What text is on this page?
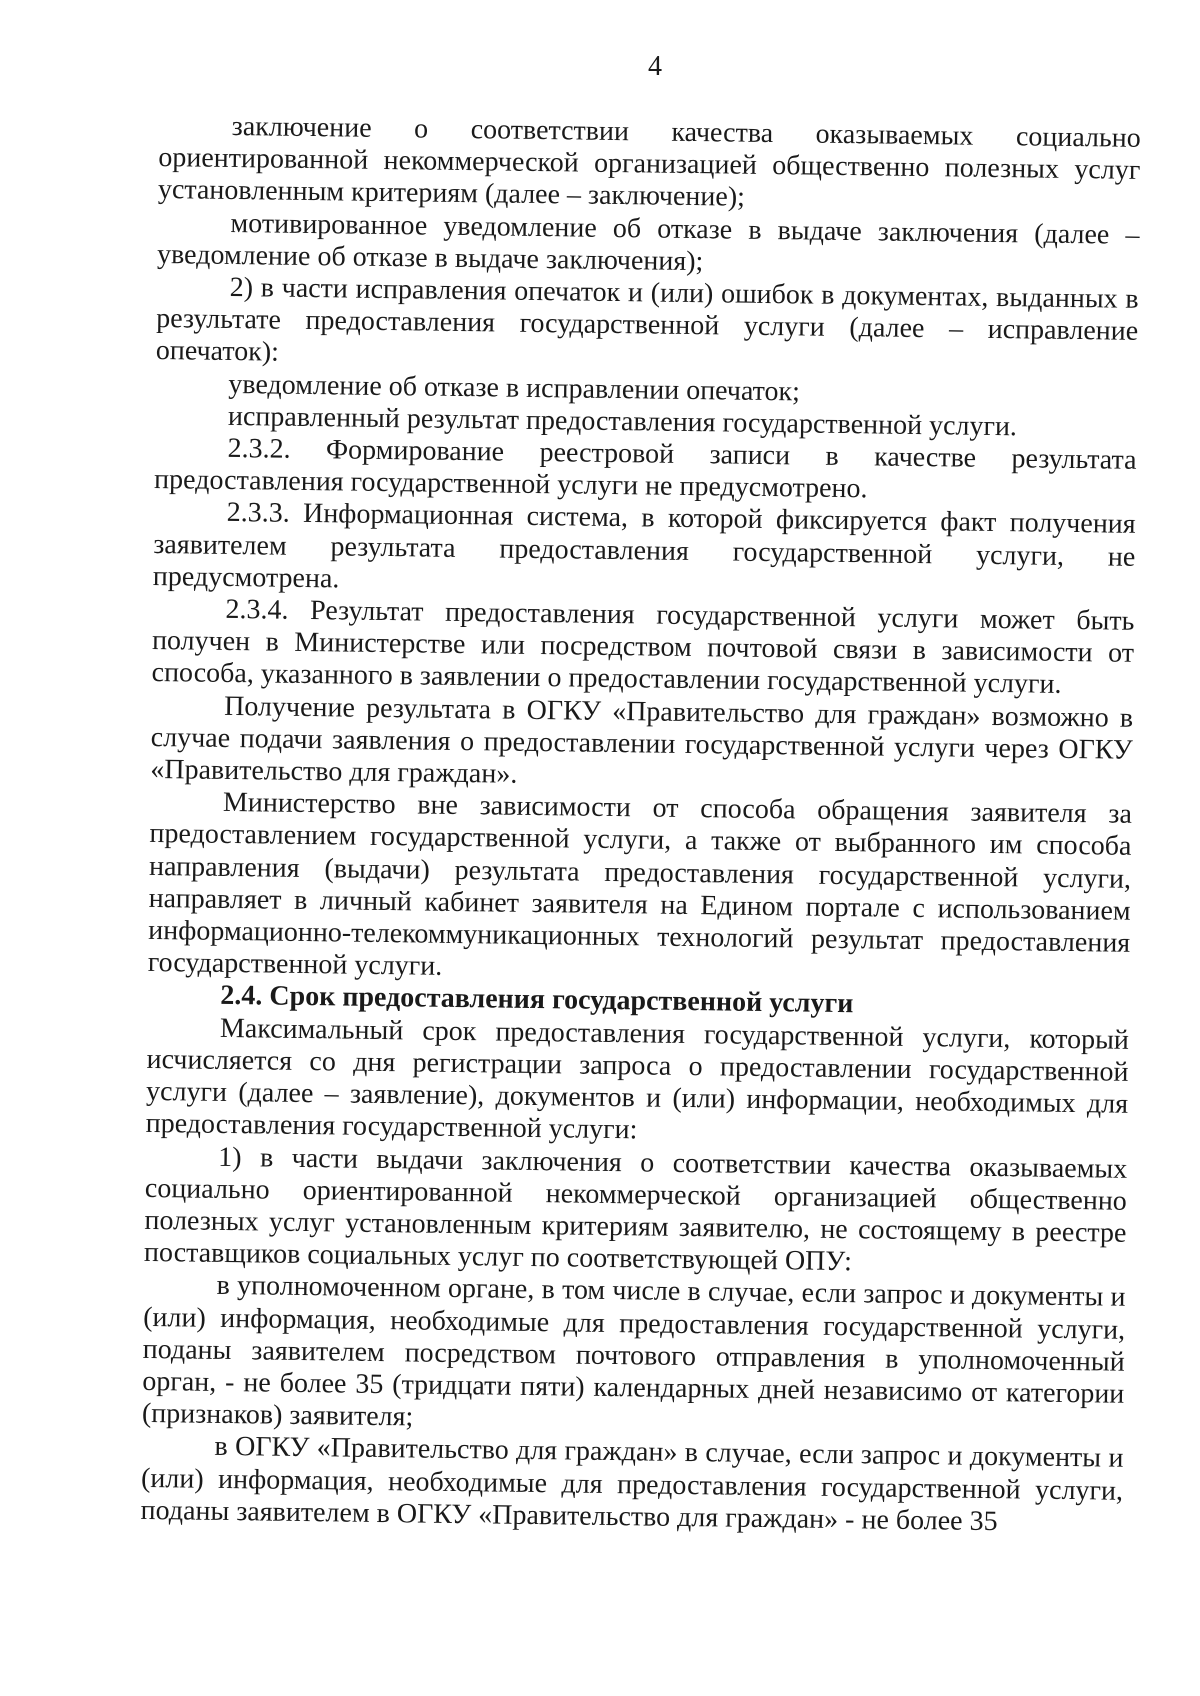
4

заключение о соответствии качества оказываемых социально ориентированной некоммерческой организацией общественно полезных услуг установленным критериям (далее – заключение);

мотивированное уведомление об отказе в выдаче заключения (далее – уведомление об отказе в выдаче заключения);

2) в части исправления опечаток и (или) ошибок в документах, выданных в результате предоставления государственной услуги (далее – исправление опечаток):

уведомление об отказе в исправлении опечаток;

исправленный результат предоставления государственной услуги.

2.3.2. Формирование реестровой записи в качестве результата предоставления государственной услуги не предусмотрено.

2.3.3. Информационная система, в которой фиксируется факт получения заявителем результата предоставления государственной услуги, не предусмотрена.

2.3.4. Результат предоставления государственной услуги может быть получен в Министерстве или посредством почтовой связи в зависимости от способа, указанного в заявлении о предоставлении государственной услуги.

Получение результата в ОГКУ «Правительство для граждан» возможно в случае подачи заявления о предоставлении государственной услуги через ОГКУ «Правительство для граждан».

Министерство вне зависимости от способа обращения заявителя за предоставлением государственной услуги, а также от выбранного им способа направления (выдачи) результата предоставления государственной услуги, направляет в личный кабинет заявителя на Едином портале с использованием информационно-телекоммуникационных технологий результат предоставления государственной услуги.

2.4. Срок предоставления государственной услуги

Максимальный срок предоставления государственной услуги, который исчисляется со дня регистрации запроса о предоставлении государственной услуги (далее – заявление), документов и (или) информации, необходимых для предоставления государственной услуги:

1) в части выдачи заключения о соответствии качества оказываемых социально ориентированной некоммерческой организацией общественно полезных услуг установленным критериям заявителю, не состоящему в реестре поставщиков социальных услуг по соответствующей ОПУ:

в уполномоченном органе, в том числе в случае, если запрос и документы и (или) информация, необходимые для предоставления государственной услуги, поданы заявителем посредством почтового отправления в уполномоченный орган, - не более 35 (тридцати пяти) календарных дней независимо от категории (признаков) заявителя;

в ОГКУ «Правительство для граждан» в случае, если запрос и документы и (или) информация, необходимые для предоставления государственной услуги, поданы заявителем в ОГКУ «Правительство для граждан» - не более 35
